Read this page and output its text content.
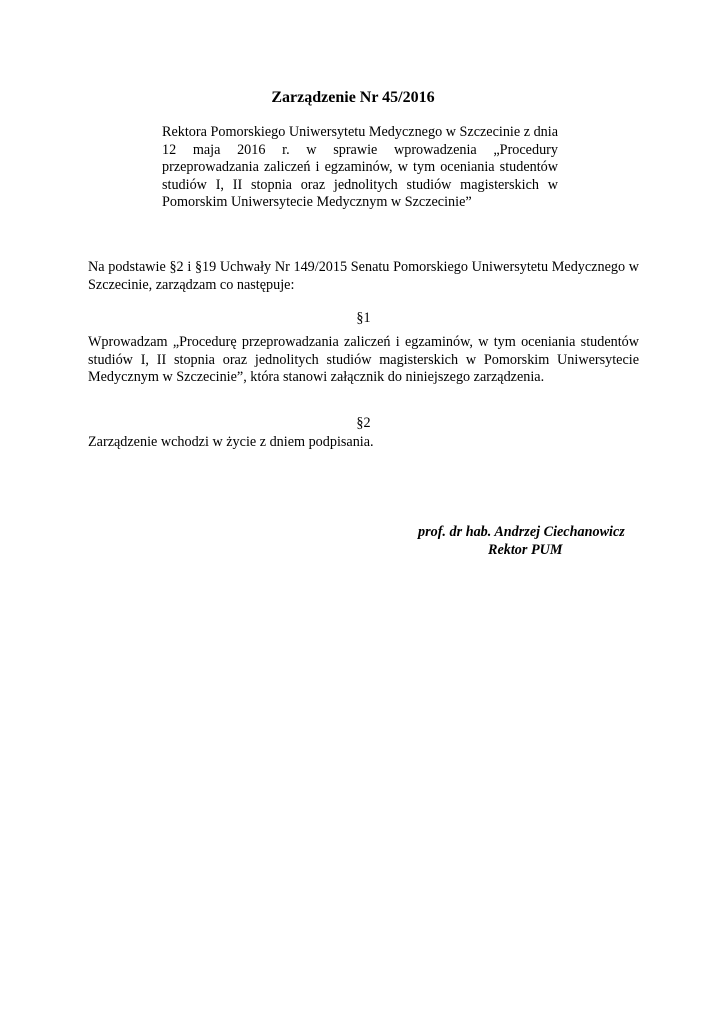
Zarządzenie Nr 45/2016
Rektora Pomorskiego Uniwersytetu Medycznego w Szczecinie z dnia 12 maja 2016 r. w sprawie wprowadzenia „Procedury przeprowadzania zaliczeń i egzaminów, w tym oceniania studentów studiów I, II stopnia oraz jednolitych studiów magisterskich w Pomorskim Uniwersytecie Medycznym w Szczecinie”
Na podstawie §2 i §19 Uchwały Nr 149/2015 Senatu Pomorskiego Uniwersytetu Medycznego w Szczecinie, zarządzam co następuje:
§1
Wprowadzam „Procedurę przeprowadzania zaliczeń i egzaminów, w tym oceniania studentów studiów I, II stopnia oraz jednolitych studiów magisterskich w Pomorskim Uniwersytecie Medycznym w Szczecinie”, która stanowi załącznik do niniejszego zarządzenia.
§2
Zarządzenie wchodzi w życie z dniem podpisania.
prof. dr hab. Andrzej Ciechanowicz
Rektor PUM
